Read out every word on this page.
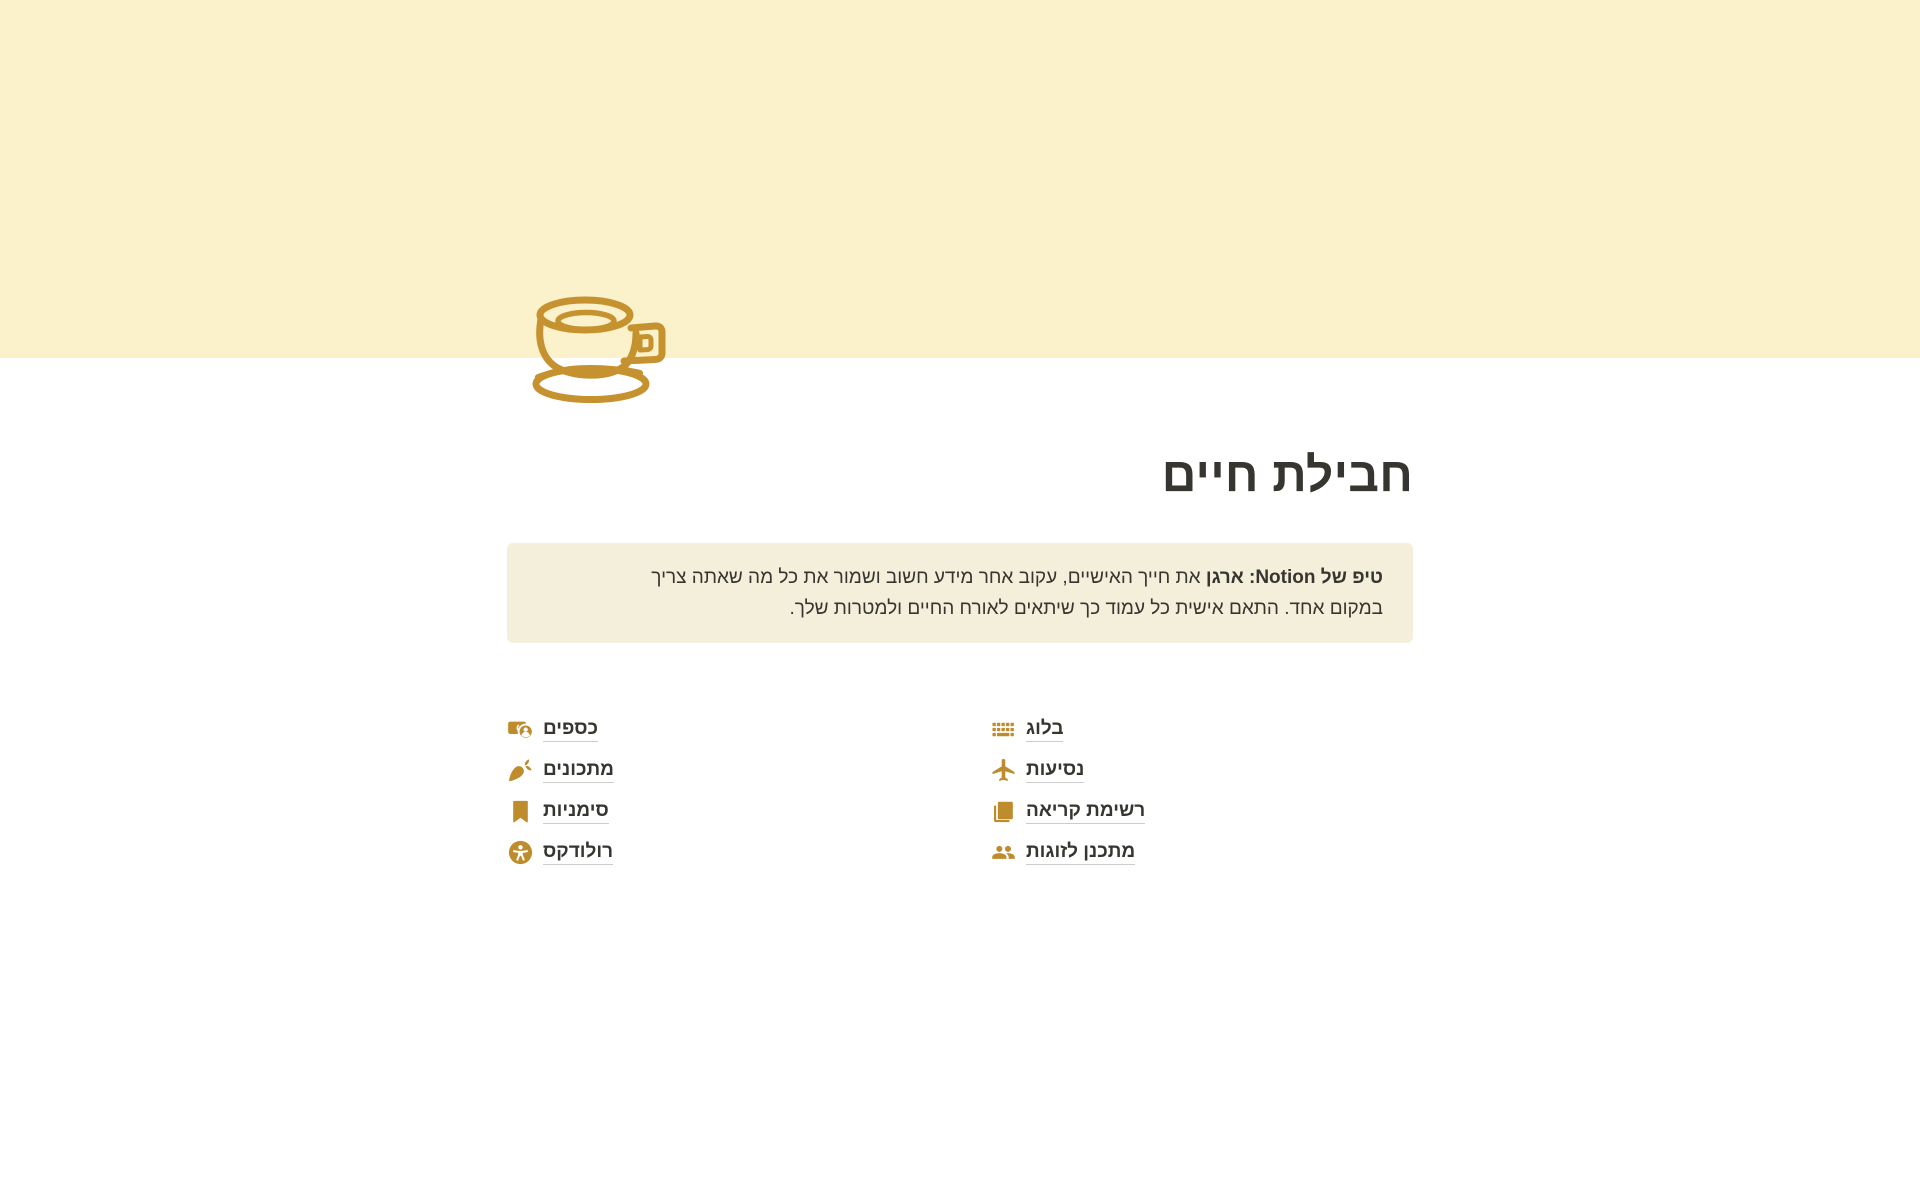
חבילת חיים
טיפ של Notion: ארגן את חייך האישיים, עקוב אחר מידע חשוב ושמור את כל מה שאתה צריך
במקום אחד. התאם אישית כל עמוד כך שיתאים לאורח החיים ולמטרות שלך.
כספים
מתכונים
סימניות
רולודקס
בלוג
נסיעות
רשימת קריאה
מתכנן לזוגות
